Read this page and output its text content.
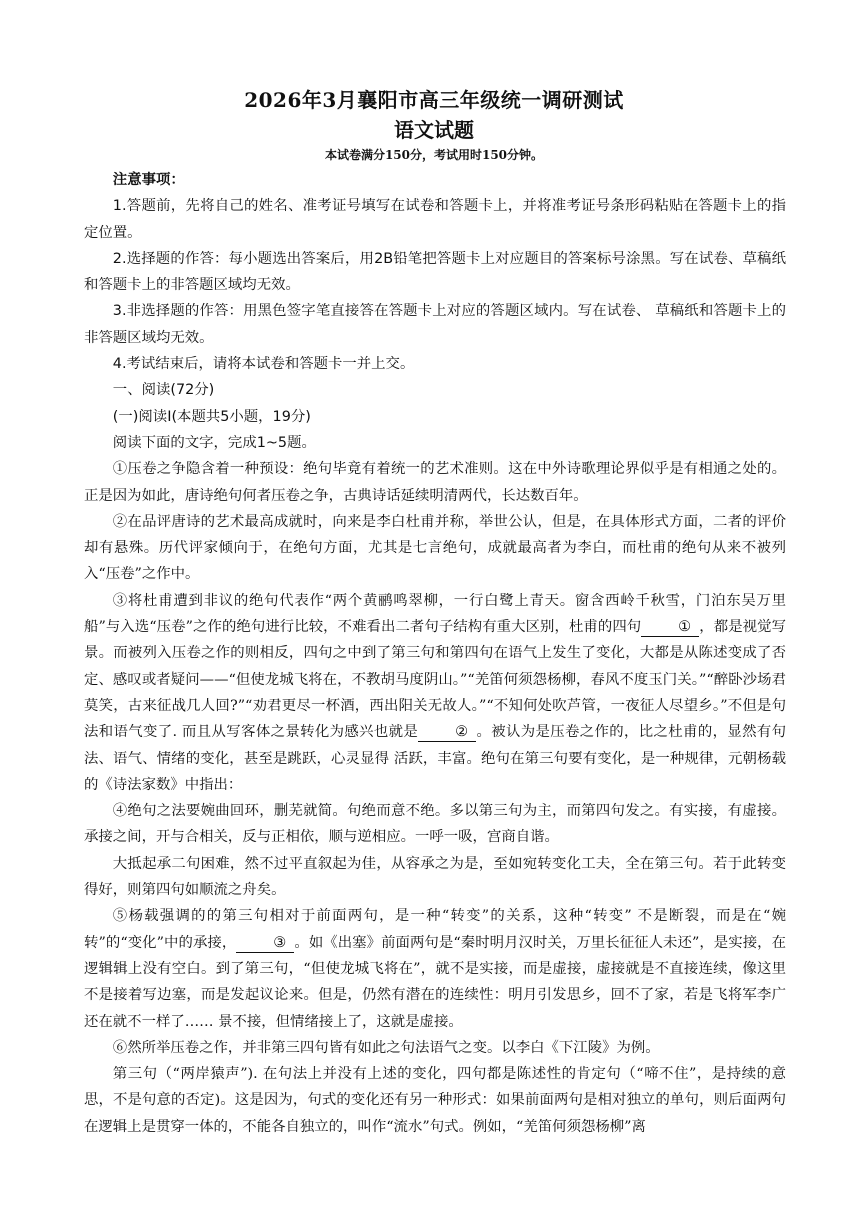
2026年3月襄阳市高三年级统一调研测试
语文试题
本试卷满分150分，考试用时150分钟。

注意事项：

1.答题前，先将自己的姓名、准考证号填写在试卷和答题卡上，并将准考证号条形码粘贴在答题卡上的指定位置。

2.选择题的作答：每小题选出答案后，用2B铅笔把答题卡上对应题目的答案标号涂黑。写在试卷、草稿纸和答题卡上的非答题区域均无效。

3.非选择题的作答：用黑色签字笔直接答在答题卡上对应的答题区域内。写在试卷、 草稿纸和答题卡上的非答题区域均无效。

4.考试结束后，请将本试卷和答题卡一并上交。

一、阅读(72分)

(一)阅读Ⅰ(本题共5小题，19分)

阅读下面的文字，完成1~5题。

①压卷之争隐含着一种预设：绝句毕竟有着统一的艺术准则。这在中外诗歌理论界似乎是有相通之处的。正是因为如此，唐诗绝句何者压卷之争，古典诗话延续明清两代，长达数百年。

②在品评唐诗的艺术最高成就时，向来是李白杜甫并称，举世公认，但是，在具体形式方面，二者的评价却有悬殊。历代评家倾向于，在绝句方面，尤其是七言绝句，成就最高者为李白，而杜甫的绝句从来不被列入“压卷”之作中。

③将杜甫遭到非议的绝句代表作“两个黄鹂鸣翠柳，一行白鹭上青天。窗含西岭千秋雪，门泊东吴万里船”与入选“压卷”之作的绝句进行比较，不难看出二者句子结构有重大区别，杜甫的四句	① ，都是视觉写景。而被列入压卷之作的则相反，四句之中到了第三句和第四句在语气上发生了变化，大都是从陈述变成了否定、感叹或者疑问——“但使龙城飞将在，不教胡马度阴山。”“羌笛何须怨杨柳，春风不度玉门关。”“醉卧沙场君莫笑，古来征战几人回?”“劝君更尽一杯酒，西出阳关无故人。”“不知何处吹芦管，一夜征人尽望乡。”不但是句法和语气变了. 而且从写客体之景转化为感兴也就是	② 。被认为是压卷之作的，比之杜甫的，显然有句法、语气、情绪的变化，甚至是跳跃，心灵显得 活跃，丰富。绝句在第三句要有变化，是一种规律，元朝杨载的《诗法家数》中指出：

④绝句之法要婉曲回环，删芜就简。句绝而意不绝。多以第三句为主，而第四句发之。有实接，有虚接。承接之间，开与合相关，反与正相依，顺与逆相应。一呼一吸，宫商自谐。

大抵起承二句困难，然不过平直叙起为佳，从容承之为是，至如宛转变化工夫，全在第三句。若于此转变得好，则第四句如顺流之舟矣。

⑤杨载强调的的第三句相对于前面两句，是一种“转变”的关系，这种“转变” 不是断裂，而是在“婉转”的“变化”中的承接，	③ 。如《出塞》前面两句是“秦时明月汉时关，万里长征征人未还”，是实接，在逻辑辑上没有空白。到了第三句，“但使龙城飞将在”，就不是实接，而是虚接，虚接就是不直接连续，像这里不是接着写边塞，而是发起议论来。但是，仍然有潜在的连续性：明月引发思乡，回不了家，若是飞将军李广还在就不一样了…… 景不接，但情绪接上了，这就是虚接。

⑥然所举压卷之作，并非第三四句皆有如此之句法语气之变。以李白《下江陵》为例。

第三句（“两岸猿声”). 在句法上并没有上述的变化，四句都是陈述性的肯定句（“啼不住”，是持续的意思，不是句意的否定)。这是因为，句式的变化还有另一种形式：如果前面两句是相对独立的单句，则后面两句在逻辑上是贯穿一体的，不能各自独立的，叫作“流水”句式。例如，“羌笛何须怨杨柳”离
